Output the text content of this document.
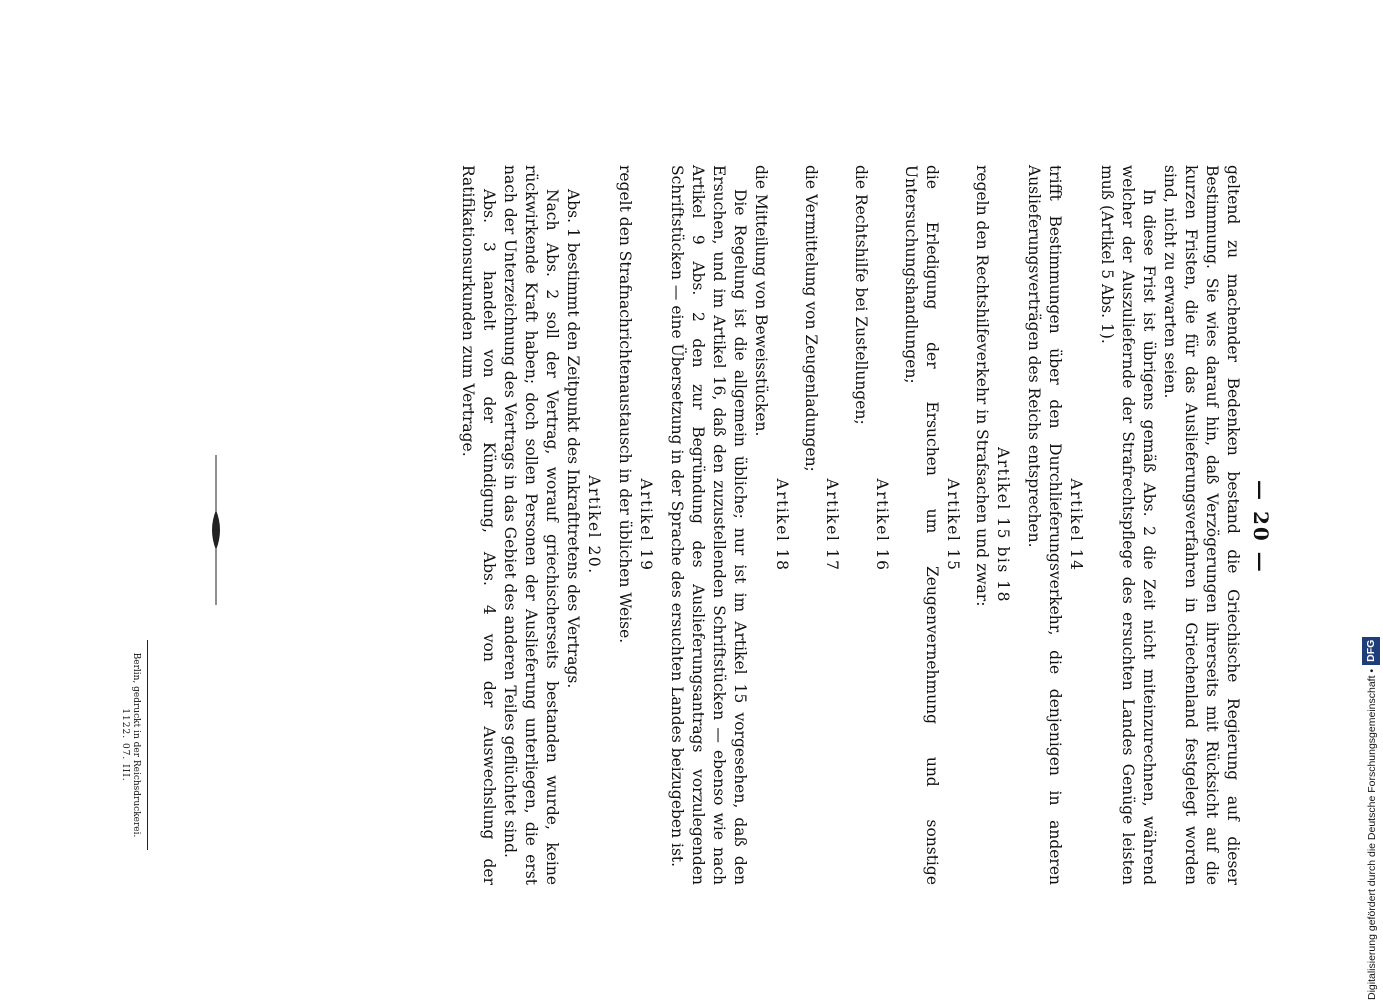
— 20 —

geltend zu machender Bedenken bestand die Griechische Regierung auf dieser Bestimmung. Sie wies darauf hin, daß Verzögerungen ihrerseits mit Rücksicht auf die kurzen Fristen, die für das Auslieferungsverfahren in Griechenland festgelegt worden sind, nicht zu erwarten seien.

In diese Frist ist übrigens gemäß Abs. 2 die Zeit nicht miteinzurechnen, während welcher der Auszuliefernde der Strafrechtspflege des ersuchten Landes Genüge leisten muß (Artikel 5 Abs. 1).

Artikel 14

trifft Bestimmungen über den Durchlieferungsverkehr, die denjenigen in anderen Auslieferungsverträgen des Reichs entsprechen.

Artikel 15 bis 18

regeln den Rechtshilfeverkehr in Strafsachen und zwar:

Artikel 15

die Erledigung der Ersuchen um Zeugenvernehmung und sonstige Untersuchungshandlungen;

Artikel 16

die Rechtshilfe bei Zustellungen;

Artikel 17

die Vermittelung von Zeugenladungen;

Artikel 18

die Mitteilung von Beweisstücken.

Die Regelung ist die allgemein übliche; nur ist im Artikel 15 vorgesehen, daß den Ersuchen, und im Artikel 16, daß den zuzustellenden Schriftstücken — ebenso wie nach Artikel 9 Abs. 2 den zur Begründung des Auslieferungsantrags vorzulegenden Schriftstücken — eine Übersetzung in der Sprache des ersuchten Landes beizugeben ist.

Artikel 19

regelt den Strafnachrichtenaustausch in der üblichen Weise.

Artikel 20.

Abs. 1 bestimmt den Zeitpunkt des Inkrafttretens des Vertrags.

Nach Abs. 2 soll der Vertrag, worauf griechischerseits bestanden wurde, keine rückwirkende Kraft haben; doch sollen Personen der Auslieferung unterliegen, die erst nach der Unterzeichnung des Vertrags in das Gebiet des anderen Teiles geflüchtet sind.

Abs. 3 handelt von der Kündigung, Abs. 4 von der Auswechslung der Ratifikationsurkunden zum Vertrage.

Berlin, gedruckt in der Reichsdruckerei.
1122. 07. III.	Digitalisierung gefördert durch die Deutsche Forschungsgemeinschaft •DFG
